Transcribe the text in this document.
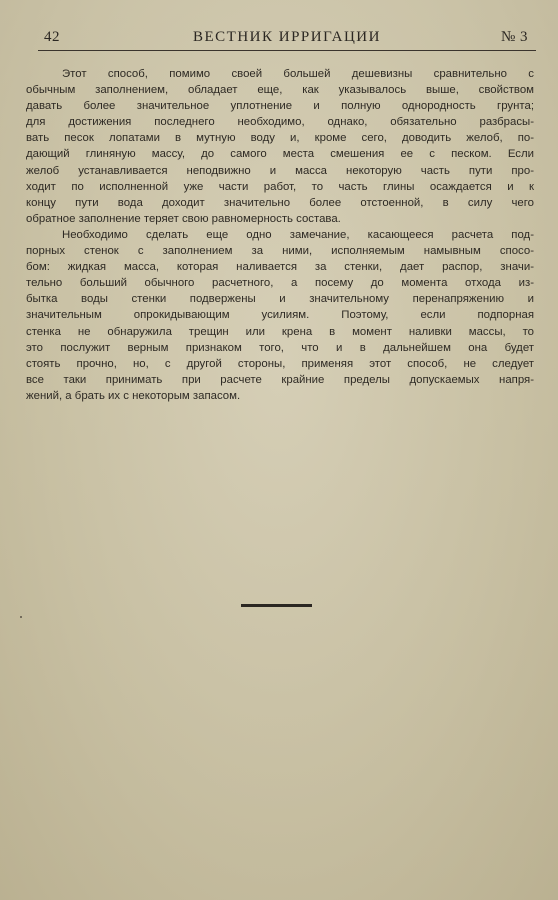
42	ВЕСТНИК ИРРИГАЦИИ	№ 3

Этот способ, помимо своей большей дешевизны сравнительно с
обычным заполнением, обладает еще, как указывалось выше, свойством
давать более значительное уплотнение и полную однородность грунта;
для достижения последнего необходимо, однако, обязательно разбрасы-
вать песок лопатами в мутную воду и, кроме сего, доводить желоб, по-
дающий глиняную массу, до самого места смешения ее с песком. Если
желоб устанавливается неподвижно и масса некоторую часть пути про-
ходит по исполненной уже части работ, то часть глины осаждается и к
концу пути вода доходит значительно более отстоенной, в силу чего
обратное заполнение теряет свою равномерность состава.

Необходимо сделать еще одно замечание, касающееся расчета под-
порных стенок с заполнением за ними, исполняемым намывным спосо-
бом: жидкая масса, которая наливается за стенки, дает распор, значи-
тельно больший обычного расчетного, а посему до момента отхода из-
бытка воды стенки подвержены и значительному перенапряжению и
значительным опрокидывающим усилиям. Поэтому, если подпорная
стенка не обнаружила трещин или крена в момент наливки массы, то
это послужит верным признаком того, что и в дальнейшем она будет
стоять прочно, но, с другой стороны, применяя этот способ, не следует
все таки принимать при расчете крайние пределы допускаемых напря-
жений, а брать их с некоторым запасом.
